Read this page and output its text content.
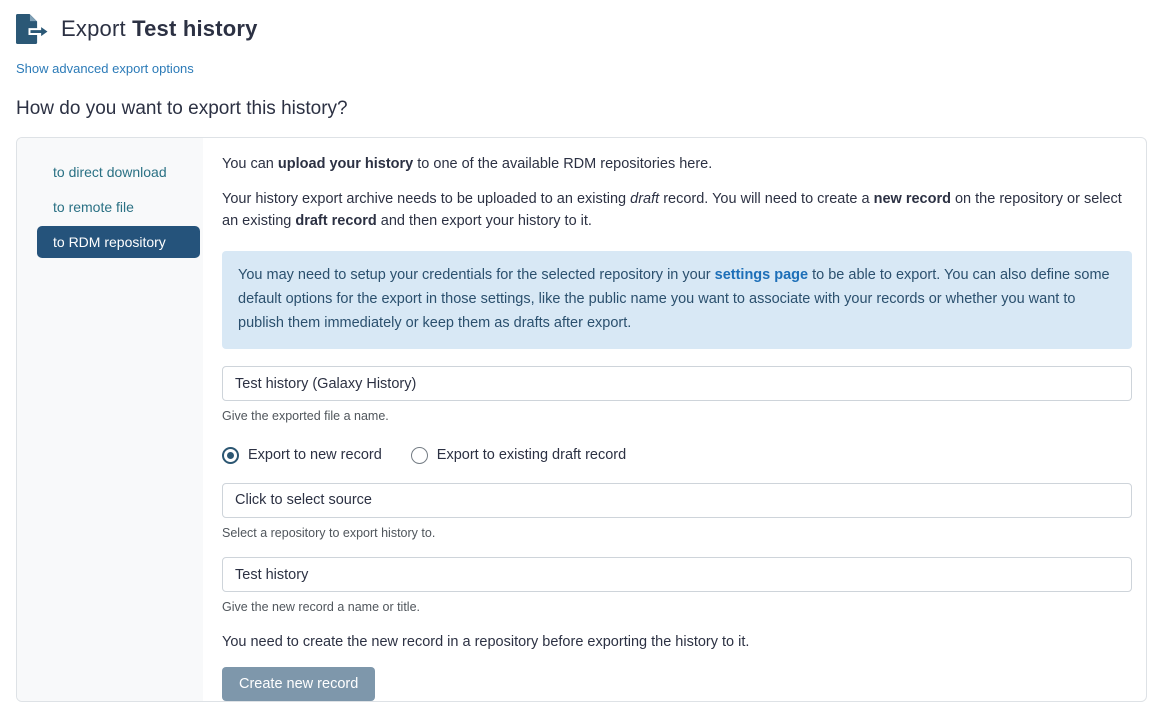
Export Test history
Show advanced export options
How do you want to export this history?
to direct download
to remote file
to RDM repository

You can upload your history to one of the available RDM repositories here.

Your history export archive needs to be uploaded to an existing draft record. You will need to create a new record on the repository or select an existing draft record and then export your history to it.

You may need to setup your credentials for the selected repository in your settings page to be able to export. You can also define some default options for the export in those settings, like the public name you want to associate with your records or whether you want to publish them immediately or keep them as drafts after export.
Test history (Galaxy History)
Give the exported file a name.
Export to new record	Export to existing draft record
Click to select source
Select a repository to export history to.
Test history
Give the new record a name or title.

You need to create the new record in a repository before exporting the history to it.

Create new record
